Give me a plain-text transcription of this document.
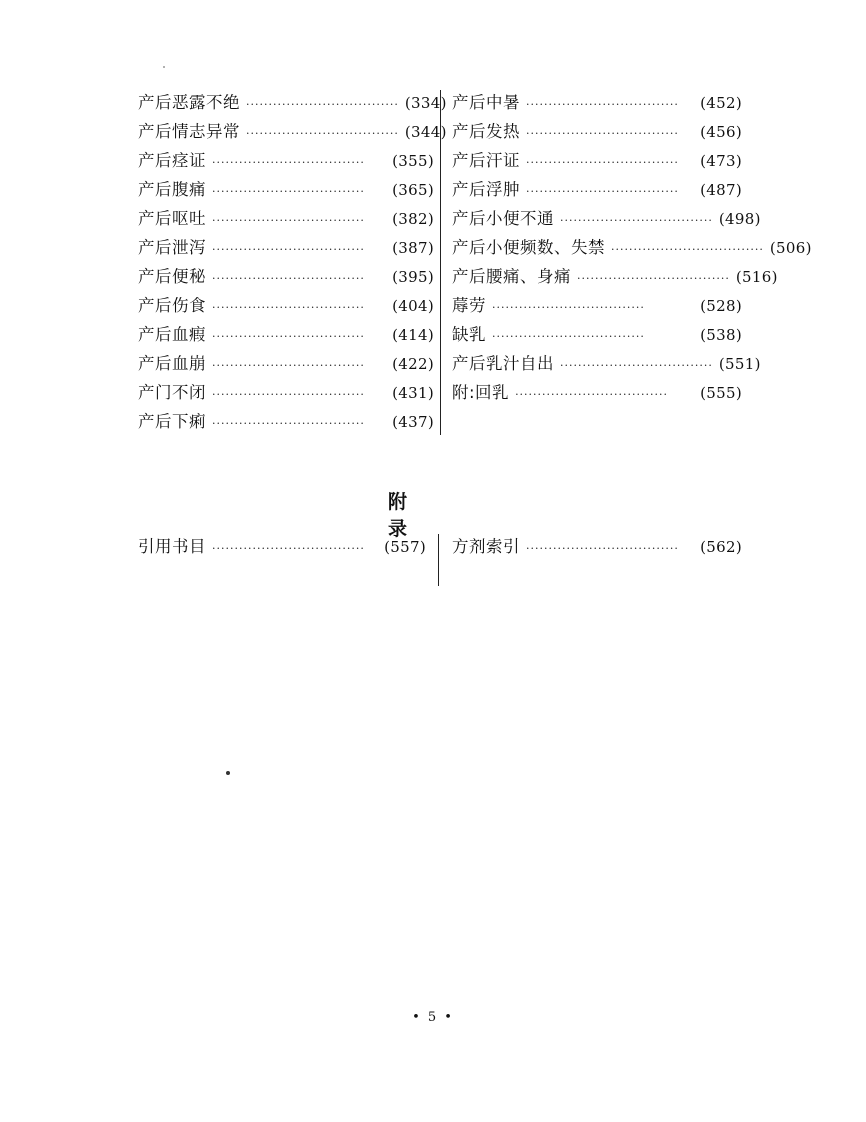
产后恶露不绝 ·································· (334)
产后情志异常 ·································· (344)
产后痉证 ··································	(355)
产后腹痛 ··································	(365)
产后呕吐 ··································	(382)
产后泄泻 ··································	(387)
产后便秘 ··································	(395)
产后伤食 ··································	(404)
产后血瘕 ··································	(414)
产后血崩 ··································	(422)
产门不闭 ··································	(431)
产后下痢 ··································	(437)
产后中暑 ··································	(452)
产后发热 ··································	(456)
产后汗证 ··································	(473)
产后浮肿 ··································	(487)
产后小便不通 ·································· (498)
产后小便频数、失禁 ·································· (506)
产后腰痛、身痛 ·································· (516)
蓐劳 ··································	(528)
缺乳 ··································	(538)
产后乳汁自出 ·································· (551)
附:回乳 ··································	(555)
附录
引用书目 ··································	(557) 方剂索引 ··································	(562)
• 5 •
